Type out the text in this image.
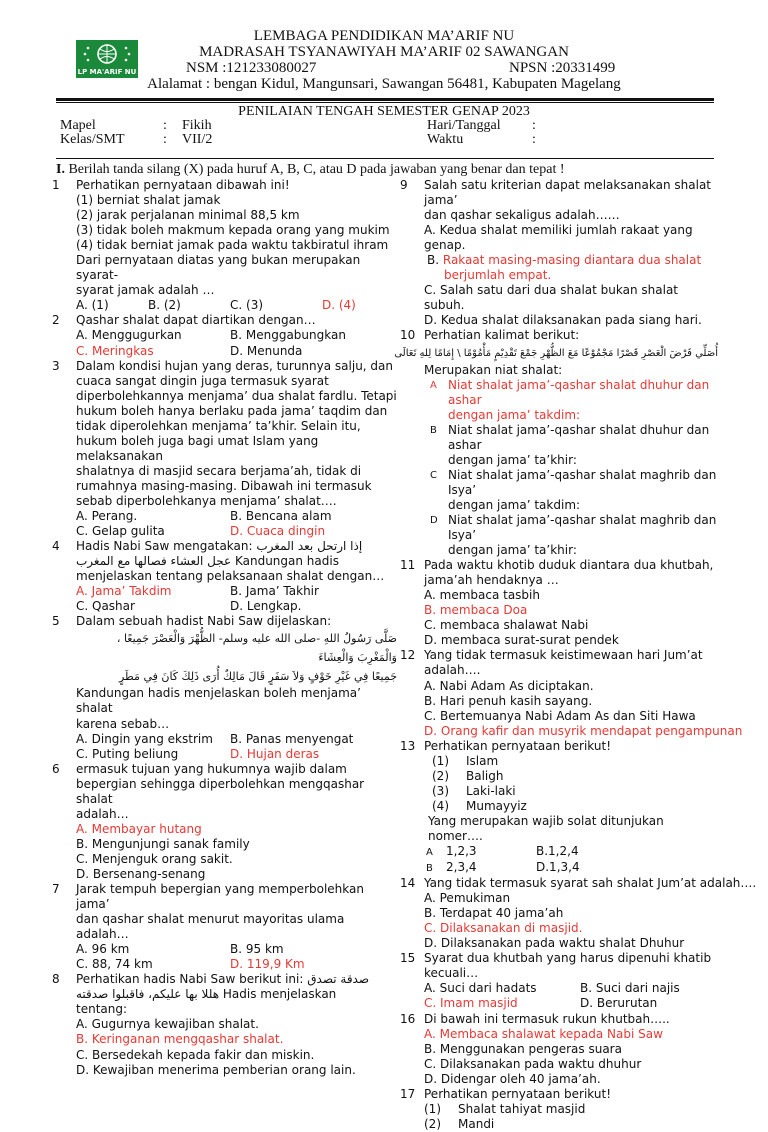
LP MA'ARIF NU
LEMBAGA PENDIDIKAN MA’ARIF NU
MADRASAH TSYANAWIYAH MA’ARIF 02 SAWANGAN
NSM :121233080027	NPSN :20331499
Alalamat : bengan Kidul, Mangunsari, Sawangan 56481, Kabupaten Magelang
PENILAIAN TENGAH SEMESTER GENAP 2023
Mapel	: Fikih
Kelas/SMT	: VII/2
Hari/Tanggal :
Waktu	:
I. Berilah tanda silang (X) pada huruf A, B, C, atau D pada jawaban yang benar dan tepat !
1 Perhatikan pernyataan dibawah ini!
(1) berniat shalat jamak
(2) jarak perjalanan minimal 88,5 km
(3) tidak boleh makmum kepada orang yang mukim
(4) tidak berniat jamak pada waktu takbiratul ihram
Dari pernyataan diatas yang bukan merupakan syarat-
syarat jamak adalah …
A. (1)	B. (2)	C. (3)	D. (4)
2 Qashar shalat dapat diartikan dengan…
A. Menggugurkan	B. Menggabungkan
C. Meringkas	D. Menunda
3 Dalam kondisi hujan yang deras, turunnya salju, dan
cuaca sangat dingin juga termasuk syarat
diperbolehkannya menjama’ dua shalat fardlu. Tetapi
hukum boleh hanya berlaku pada jama’ taqdim dan
tidak diperolehkan menjama’ ta’khir. Selain itu,
hukum boleh juga bagi umat Islam yang melaksanakan
shalatnya di masjid secara berjama’ah, tidak di
rumahnya masing-masing. Dibawah ini termasuk
sebab diperbolehkanya menjama’ shalat….
A. Perang.	B. Bencana alam
C. Gelap gulita	D. Cuaca dingin
4 Hadis Nabi Saw mengatakan: إذا ارتحل بعد المغرب
عجل العشاء فصالها مع المغرب Kandungan hadis
menjelaskan tentang pelaksanaan shalat dengan…
A. Jama’ Takdim	B. Jama’ Takhir
C. Qashar	D. Lengkap.
5 Dalam sebuah hadist Nabi Saw dijelaskan:
صَلَّى رَسُولُ اللهِ -صلى الله عليه وسلم- الظُّهْرَ وَالْعَصْرَ جَمِيعًا ، وَالْمَغْرِبَ وَالْعِشَاءَ
جَمِيعًا فِي غَيْرِ خَوْفٍ وَلاَ سَفَرٍ قَالَ مَالِكٌ أُرَى ذَلِكَ كَانَ فِي مَطَرٍ
Kandungan hadis menjelaskan boleh menjama’ shalat
karena sebab…
A. Dingin yang ekstrim	B. Panas menyengat
C. Puting beliung	D. Hujan deras
6 ermasuk tujuan yang hukumnya wajib dalam
bepergian sehingga diperbolehkan mengqashar shalat
adalah…
A. Membayar hutang
B. Mengunjungi sanak family
C. Menjenguk orang sakit.
D. Bersenang-senang
7 Jarak tempuh bepergian yang memperbolehkan jama’
dan qashar shalat menurut mayoritas ulama adalah…
A. 96 km	B. 95 km
C. 88, 74 km	D. 119,9 Km
8 Perhatikan hadis Nabi Saw berikut ini: صدقة تصدق
هللا بها عليكم، فاقبلوا صدقته Hadis menjelaskan
tentang:
A. Gugurnya kewajiban shalat.
B. Keringanan mengqashar shalat.
C. Bersedekah kepada fakir dan miskin.
D. Kewajiban menerima pemberian orang lain.
9 Salah satu kriterian dapat melaksanakan shalat jama’
dan qashar sekaligus adalah……
A. Kedua shalat memiliki jumlah rakaat yang genap.
B. Rakaat masing-masing diantara dua shalat
berjumlah empat.
C. Salah satu dari dua shalat bukan shalat subuh.
D. Kedua shalat dilaksanakan pada siang hari.
10 Perhatian kalimat berikut:
أُصَلِّي فَرْضَ الْعَصْرِ قَصْرًا مَجْمُوْعًا مَعَ الظُّهْرِ جَمْعَ تَقْدِيْمٍ مَأْمُوْمًا \ إِمَامًا لِلهِ تَعَالَى
Merupakan niat shalat:
A Niat shalat jama’-qashar shalat dhuhur dan ashar
dengan jama’ takdim:
B Niat shalat jama’-qashar shalat dhuhur dan ashar
dengan jama’ ta’khir:
C Niat shalat jama’-qashar shalat maghrib dan Isya’
dengan jama’ takdim:
D Niat shalat jama’-qashar shalat maghrib dan Isya’
dengan jama’ ta’khir:
11 Pada waktu khotib duduk diantara dua khutbah,
jama’ah hendaknya …
A. membaca tasbih
B. membaca Doa
C. membaca shalawat Nabi
D. membaca surat-surat pendek
12 Yang tidak termasuk keistimewaan hari Jum’at
adalah….
A. Nabi Adam As diciptakan.
B. Hari penuh kasih sayang.
C. Bertemuanya Nabi Adam As dan Siti Hawa
D. Orang kafir dan musyrik mendapat pengampunan
13 Perhatikan pernyataan berikut!
(1) Islam
(2) Baligh
(3) Laki-laki
(4) Mumayyiz
Yang merupakan wajib solat ditunjukan nomer….
A 1,2,3	B.1,2,4
B 2,3,4	D.1,3,4
14 Yang tidak termasuk syarat sah shalat Jum’at adalah….
A. Pemukiman
B. Terdapat 40 jama’ah
C. Dilaksanakan di masjid.
D. Dilaksanakan pada waktu shalat Dhuhur
15 Syarat dua khutbah yang harus dipenuhi khatib
kecuali…
A. Suci dari hadats	B. Suci dari najis
C. Imam masjid	D. Berurutan
16 Di bawah ini termasuk rukun khutbah…..
A. Membaca shalawat kepada Nabi Saw
B. Menggunakan pengeras suara
C. Dilaksanakan pada waktu dhuhur
D. Didengar oleh 40 jama’ah.
17 Perhatikan pernyataan berikut!
(1) Shalat tahiyat masjid
(2) Mandi
